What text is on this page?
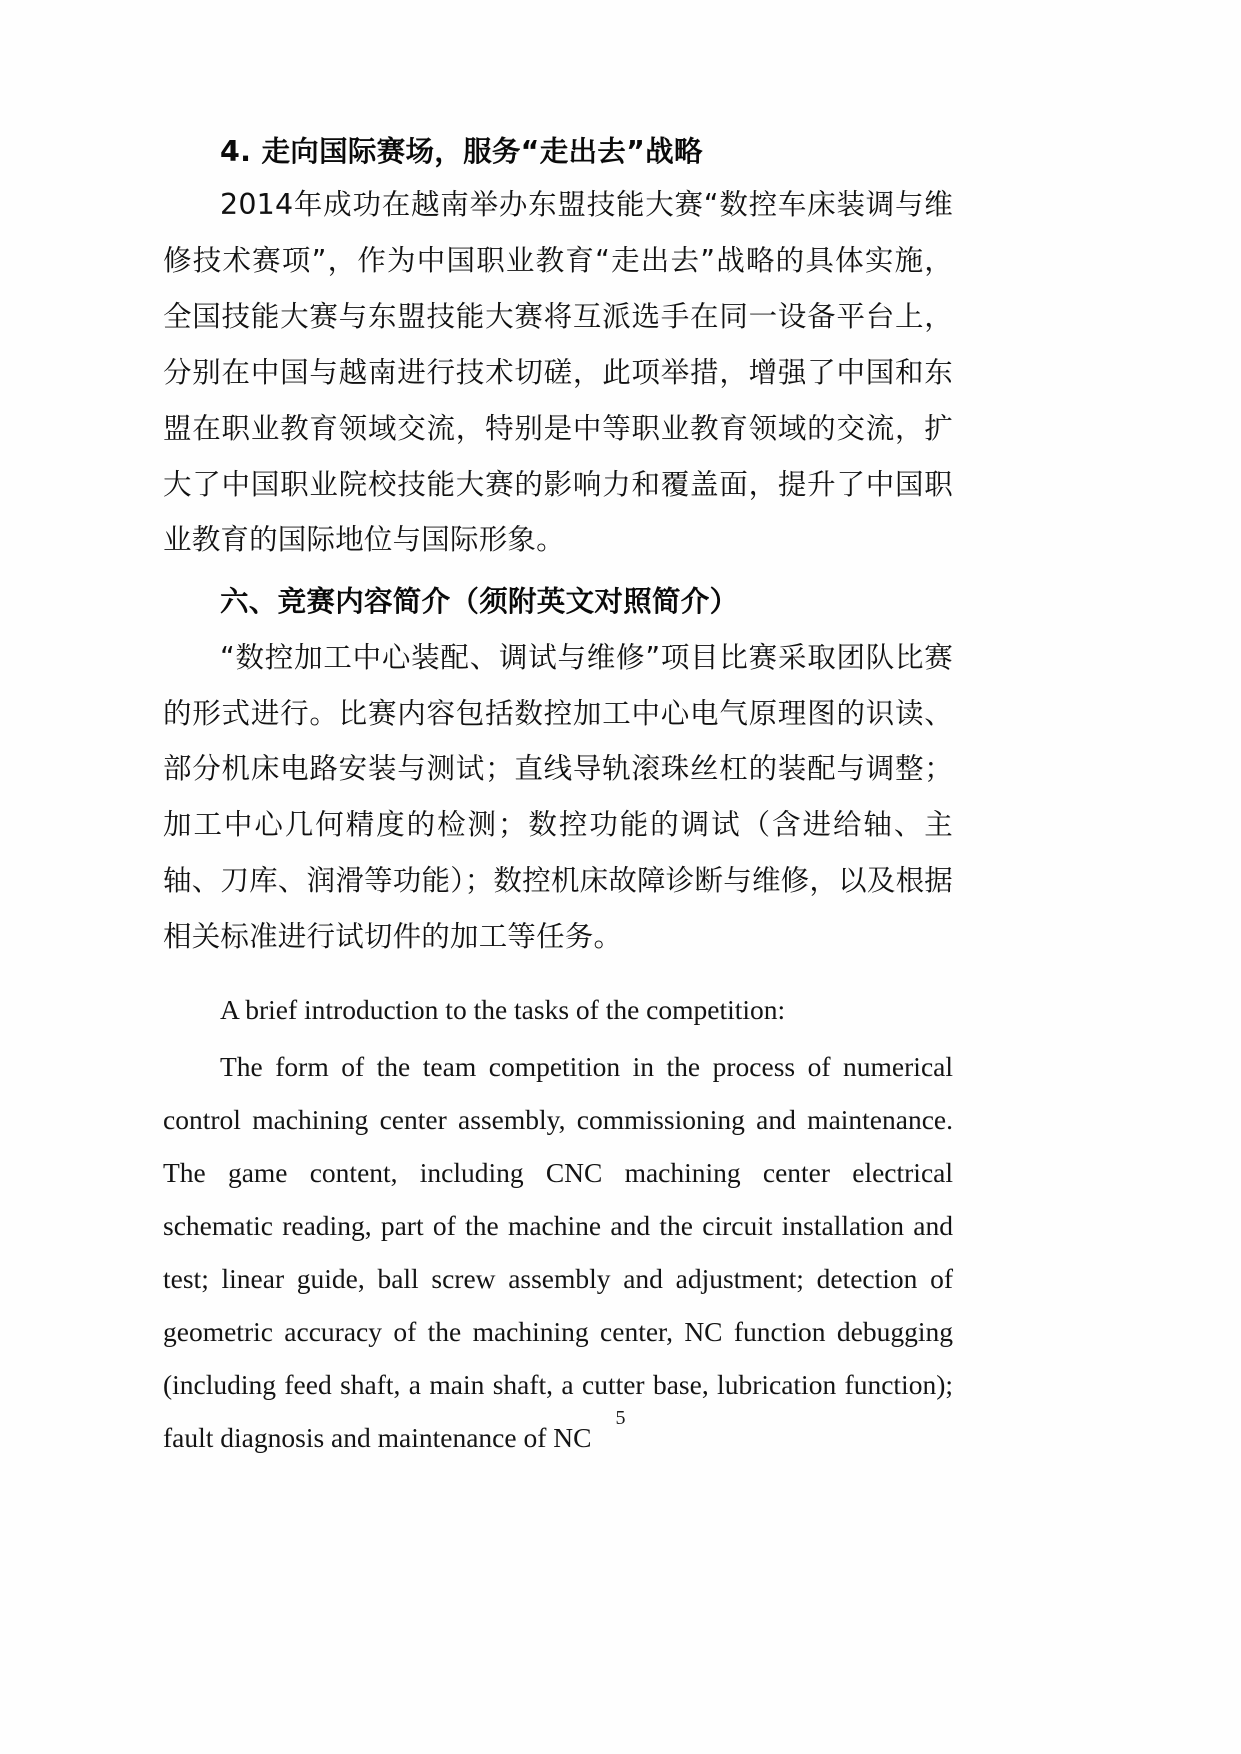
4. 走向国际赛场，服务“走出去”战略

2014年成功在越南举办东盟技能大赛“数控车床装调与维修技术赛项”，作为中国职业教育“走出去”战略的具体实施，全国技能大赛与东盟技能大赛将互派选手在同一设备平台上，分别在中国与越南进行技术切磋，此项举措，增强了中国和东盟在职业教育领域交流，特别是中等职业教育领域的交流，扩大了中国职业院校技能大赛的影响力和覆盖面，提升了中国职业教育的国际地位与国际形象。

六、竞赛内容简介（须附英文对照简介）

“数控加工中心装配、调试与维修”项目比赛采取团队比赛的形式进行。比赛内容包括数控加工中心电气原理图的识读、部分机床电路安装与测试；直线导轨滚珠丝杠的装配与调整；加工中心几何精度的检测；数控功能的调试（含进给轴、主轴、刀库、润滑等功能）；数控机床故障诊断与维修，以及根据相关标准进行试切件的加工等任务。

A brief introduction to the tasks of the competition:

The form of the team competition in the process of numerical control machining center assembly, commissioning and maintenance. The game content, including CNC machining center electrical schematic reading, part of the machine and the circuit installation and test; linear guide, ball screw assembly and adjustment; detection of geometric accuracy of the machining center, NC function debugging (including feed shaft, a main shaft, a cutter base, lubrication function); fault diagnosis and maintenance of NC

5
